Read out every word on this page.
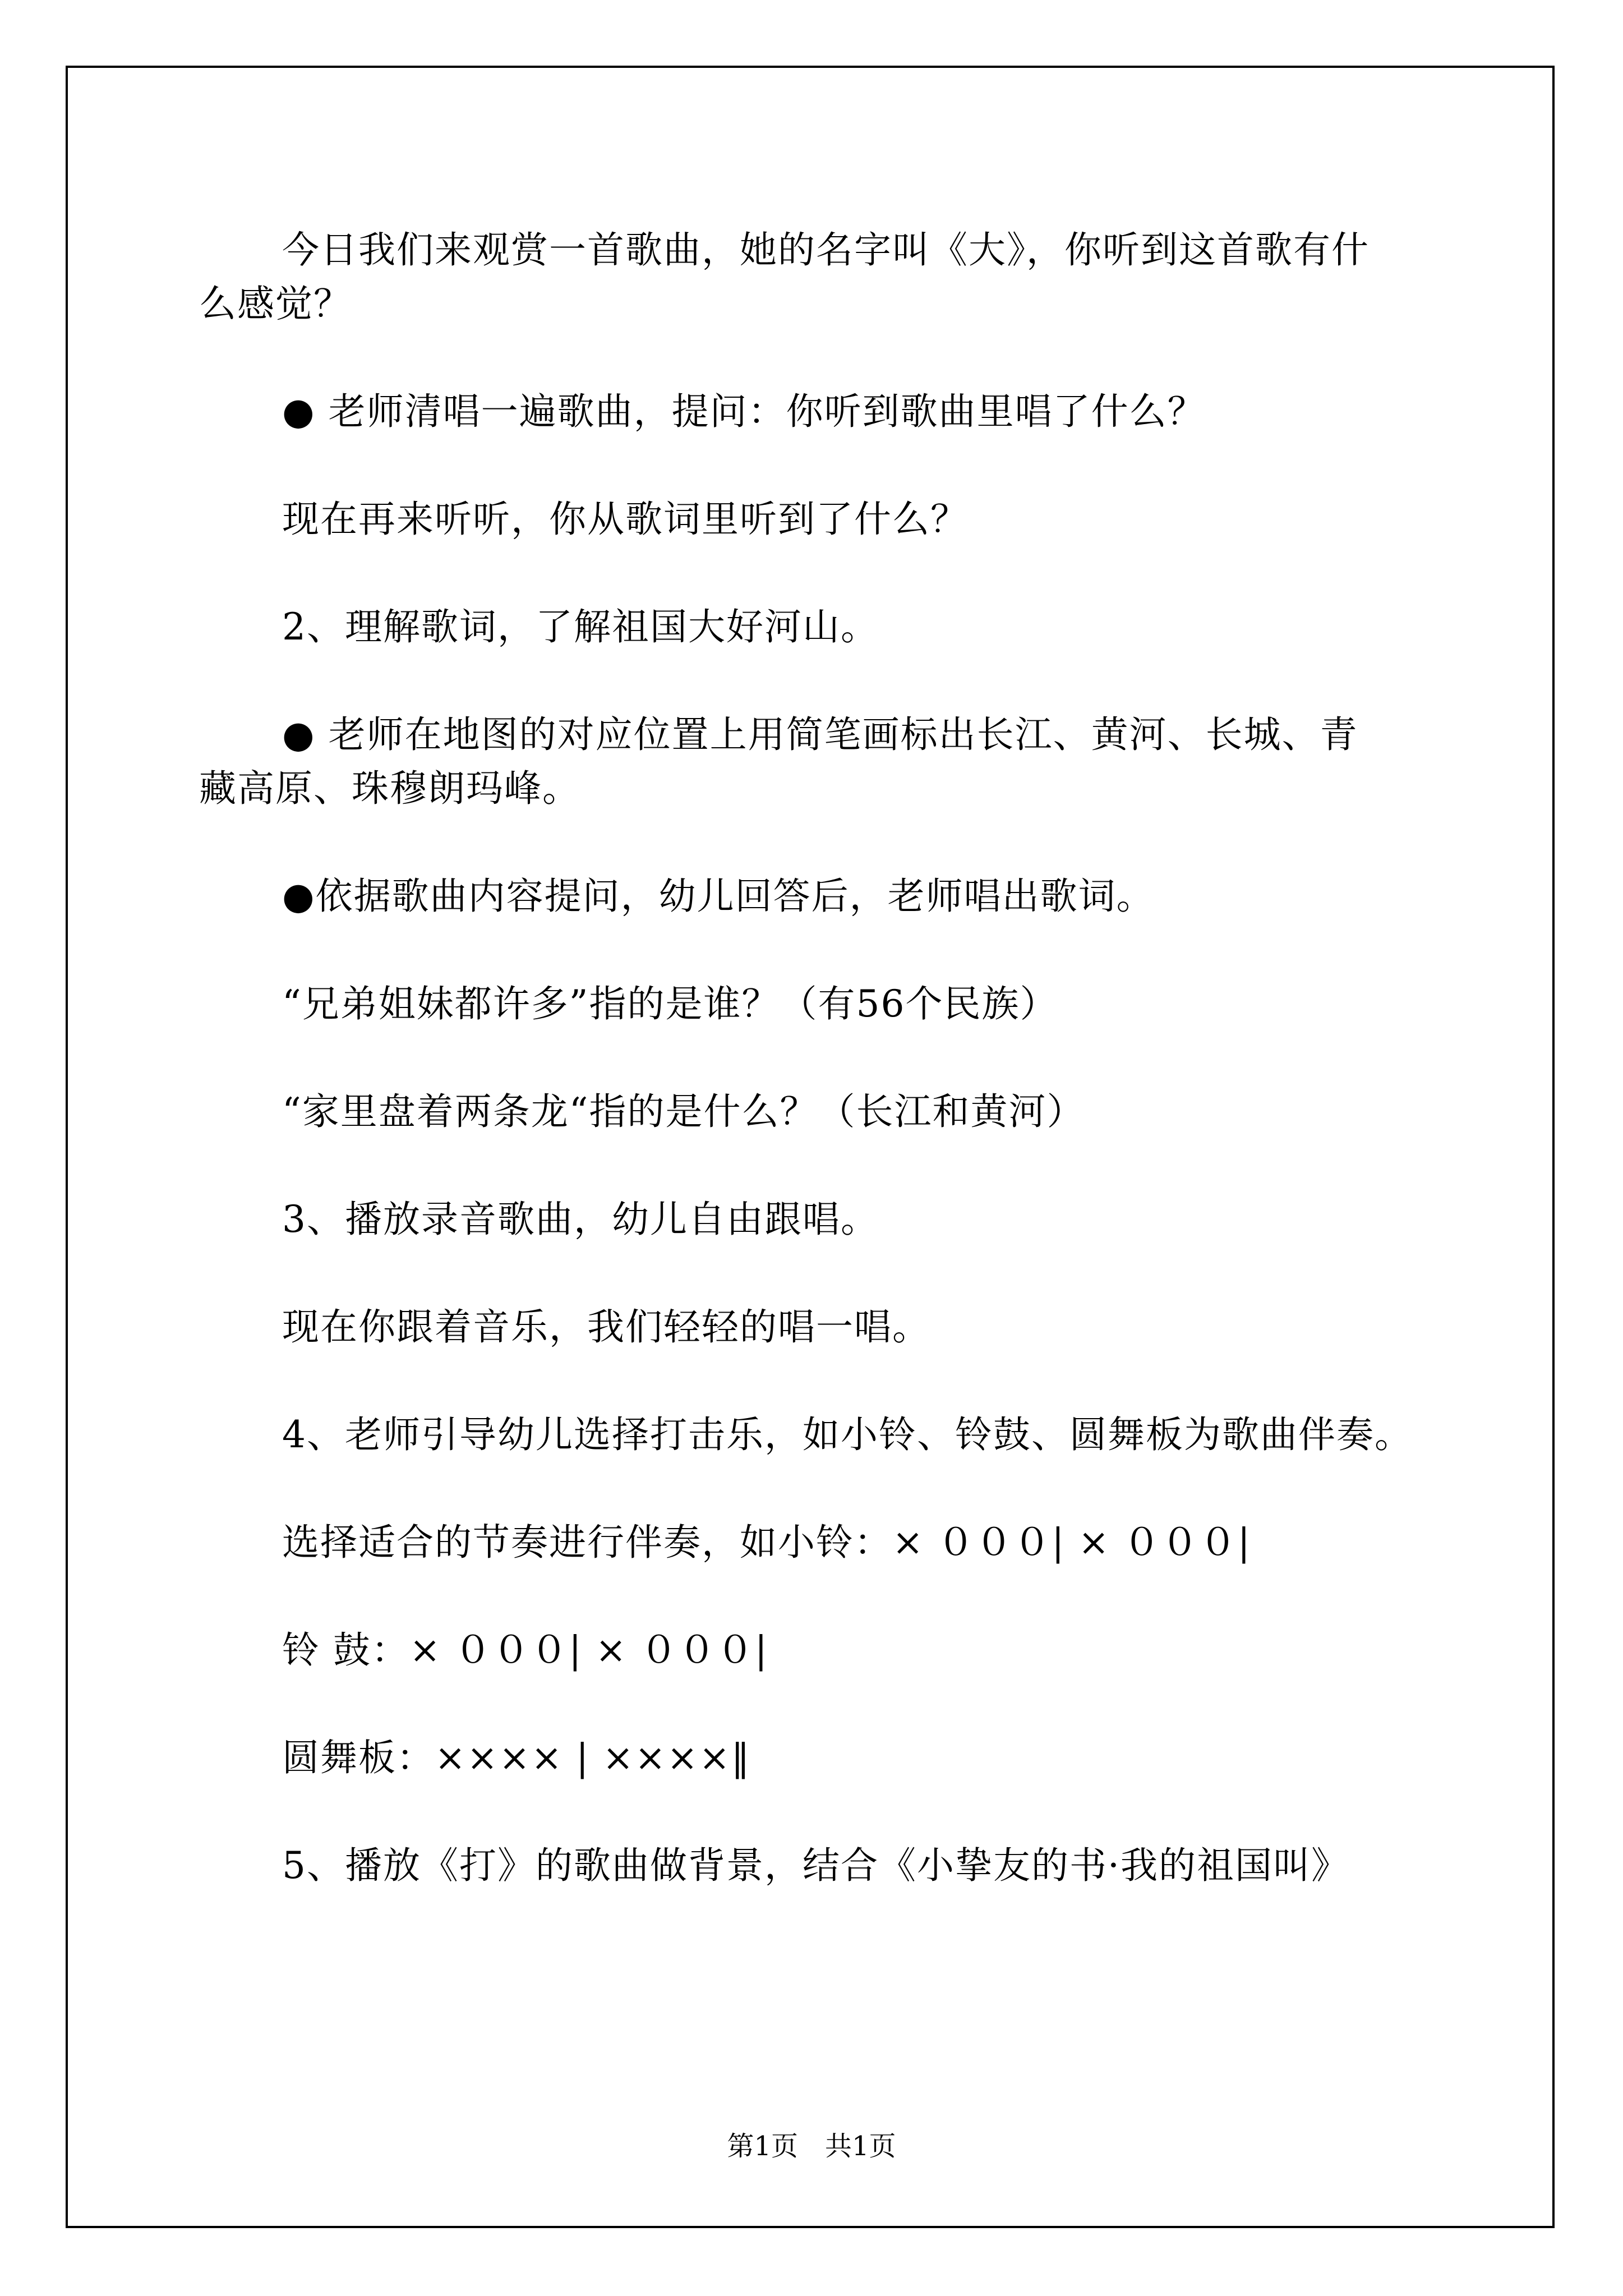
今日我们来观赏一首歌曲，她的名字叫《大》，你听到这首歌有什

么感觉？

● 老师清唱一遍歌曲，提问：你听到歌曲里唱了什么？

现在再来听听，你从歌词里听到了什么？

2、理解歌词，了解祖国大好河山。

● 老师在地图的对应位置上用简笔画标出长江、黄河、长城、青

藏高原、珠穆朗玛峰。

●依据歌曲内容提问，幼儿回答后，老师唱出歌词。

“兄弟姐妹都许多”指的是谁？（有56个民族）

“家里盘着两条龙“指的是什么？（长江和黄河）

3、播放录音歌曲，幼儿自由跟唱。

现在你跟着音乐，我们轻轻的唱一唱。

4、老师引导幼儿选择打击乐，如小铃、铃鼓、圆舞板为歌曲伴奏。

选择适合的节奏进行伴奏，如小铃：× ０００| × ０００|

铃 鼓：× ０００| × ０００|

圆舞板：×××× | ××××‖

5、播放《打》的歌曲做背景，结合《小挚友的书·我的祖国叫》

第1页　共1页
